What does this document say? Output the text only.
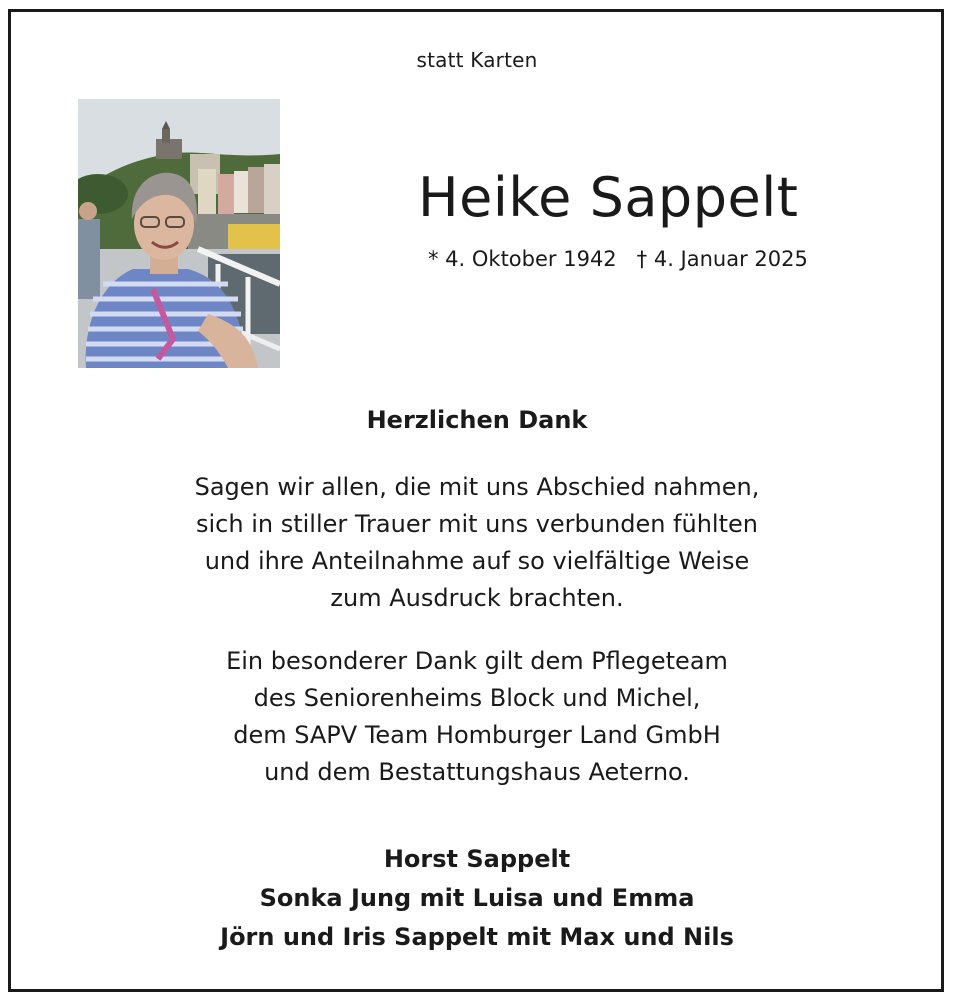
statt Karten
Heike Sappelt
* 4. Oktober 1942 † 4. Januar 2025
Herzlichen Dank
Sagen wir allen, die mit uns Abschied nahmen,
sich in stiller Trauer mit uns verbunden fühlten
und ihre Anteilnahme auf so vielfältige Weise
zum Ausdruck brachten.
Ein besonderer Dank gilt dem Pflegeteam
des Seniorenheims Block und Michel,
dem SAPV Team Homburger Land GmbH
und dem Bestattungshaus Aeterno.
Horst Sappelt
Sonka Jung mit Luisa und Emma
Jörn und Iris Sappelt mit Max und Nils
